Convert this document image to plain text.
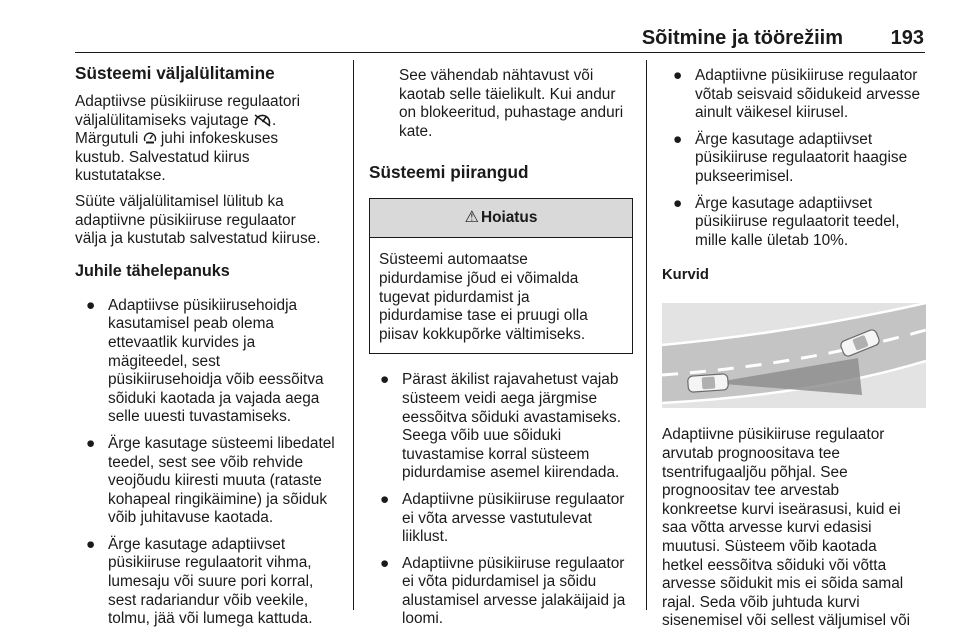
Sõitmine ja töörežiim 193
Süsteemi väljalülitamine

Adaptiivse püsikiiruse regulaatori
väljalülitamiseks vajutage .
Märgutuli juhi infokeskuses
kustub. Salvestatud kiirus
kustutatakse.

Süüte väljalülitamisel lülitub ka
adaptiivne püsikiiruse regulaator
välja ja kustutab salvestatud kiiruse.

Juhile tähelepanuks
● Adaptiivse püsikiirusehoidja
kasutamisel peab olema
ettevaatlik kurvides ja
mägiteedel, sest
püsikiirusehoidja võib eessõitva
sõiduki kaotada ja vajada aega
selle uuesti tuvastamiseks.
● Ärge kasutage süsteemi libedatel
teedel, sest see võib rehvide
veojõudu kiiresti muuta (rataste
kohapeal ringikäimine) ja sõiduk
võib juhitavuse kaotada.
● Ärge kasutage adaptiivset
püsikiiruse regulaatorit vihma,
lumesaju või suure pori korral,
sest radariandur võib veekile,
tolmu, jää või lumega kattuda.

See vähendab nähtavust või
kaotab selle täielikult. Kui andur
on blokeeritud, puhastage anduri
kate.

Süsteemi piirangud
⚠ Hoiatus
Süsteemi automaatse
pidurdamise jõud ei võimalda
tugevat pidurdamist ja
pidurdamise tase ei pruugi olla
piisav kokkupõrke vältimiseks.
● Pärast äkilist rajavahetust vajab
süsteem veidi aega järgmise
eessõitva sõiduki avastamiseks.
Seega võib uue sõiduki
tuvastamise korral süsteem
pidurdamise asemel kiirendada.
● Adaptiivne püsikiiruse regulaator
ei võta arvesse vastutulevat
liiklust.
● Adaptiivne püsikiiruse regulaator
ei võta pidurdamisel ja sõidu
alustamisel arvesse jalakäijaid ja
loomi.
● Adaptiivne püsikiiruse regulaator
võtab seisvaid sõidukeid arvesse
ainult väikesel kiirusel.
● Ärge kasutage adaptiivset
püsikiiruse regulaatorit haagise
pukseerimisel.
● Ärge kasutage adaptiivset
püsikiiruse regulaatorit teedel,
mille kalle ületab 10%.
Kurvid

Adaptiivne püsikiiruse regulaator
arvutab prognoositava tee
tsentrifugaaljõu põhjal. See
prognoositav tee arvestab
konkreetse kurvi iseärasusi, kuid ei
saa võtta arvesse kurvi edasisi
muutusi. Süsteem võib kaotada
hetkel eessõitva sõiduki või võtta
arvesse sõidukit mis ei sõida samal
rajal. Seda võib juhtuda kurvi
sisenemisel või sellest väljumisel või
